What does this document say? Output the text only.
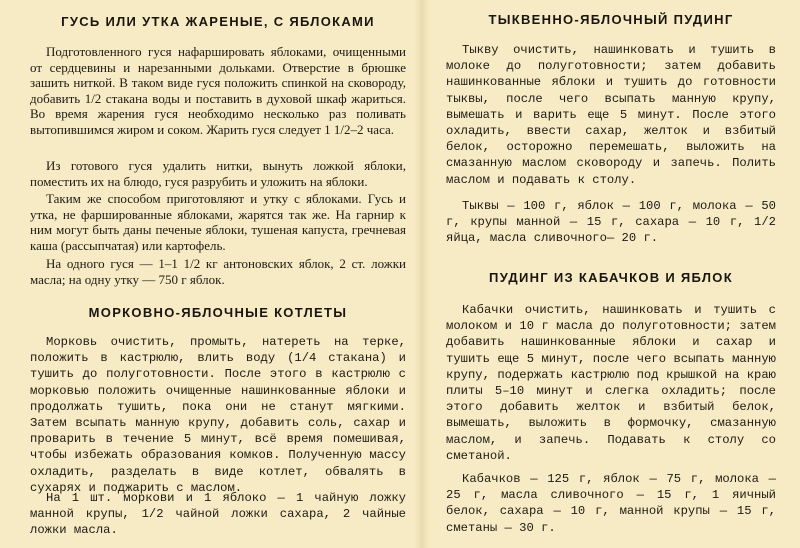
ГУСЬ ИЛИ УТКА ЖАРЕНЫЕ, С ЯБЛОКАМИ

Подготовленного гуся нафаршировать яблоками, очищенными от сердцевины и нарезанными дольками. Отверстие в брюшке зашить ниткой. В таком виде гуся положить спинкой на сковороду, добавить 1/2 стакана воды и поставить в духовой шкаф жариться. Во время жарения гуся необходимо несколько раз поливать вытопившимся жиром и соком. Жарить гуся следует 1 1/2–2 часа.

Из готового гуся удалить нитки, вынуть ложкой яблоки, поместить их на блюдо, гуся разрубить и уложить на яблоки.

Таким же способом приготовляют и утку с яблоками. Гусь и утка, не фаршированные яблоками, жарятся так же. На гарнир к ним могут быть даны печеные яблоки, тушеная капуста, гречневая каша (рассыпчатая) или картофель.

На одного гуся — 1–1 1/2 кг антоновских яблок, 2 ст. ложки масла; на одну утку — 750 г яблок.

МОРКОВНО-ЯБЛОЧНЫЕ КОТЛЕТЫ

Морковь очистить, промыть, натереть на терке, положить в кастрюлю, влить воду (1/4 стакана) и тушить до полуготовности. После этого в кастрюлю с морковью положить очищенные нашинкованные яблоки и продолжать тушить, пока они не станут мягкими. Затем всыпать манную крупу, добавить соль, сахар и проварить в течение 5 минут, всё время помешивая, чтобы избежать образования комков. Полученную массу охладить, разделать в виде котлет, обвалять в сухарях и поджарить с маслом.

На 1 шт. моркови и 1 яблоко — 1 чайную ложку манной крупы, 1/2 чайной ложки сахара, 2 чайные ложки масла.

ТЫКВЕННО-ЯБЛОЧНЫЙ ПУДИНГ

Тыкву очистить, нашинковать и тушить в молоке до полуготовности; затем добавить нашинкованные яблоки и тушить до готовности тыквы, после чего всыпать манную крупу, вымешать и варить еще 5 минут. После этого охладить, ввести сахар, желток и взбитый белок, осторожно перемешать, выложить на смазанную маслом сковороду и запечь. Полить маслом и подавать к столу.

Тыквы — 100 г, яблок — 100 г, молока — 50 г, крупы манной — 15 г, сахара — 10 г, 1/2 яйца, масла сливочного— 20 г.

ПУДИНГ ИЗ КАБАЧКОВ И ЯБЛОК

Кабачки очистить, нашинковать и тушить с молоком и 10 г масла до полуготовности; затем добавить нашинкованные яблоки и сахар и тушить еще 5 минут, после чего всыпать манную крупу, подержать кастрюлю под крышкой на краю плиты 5–10 минут и слегка охладить; после этого добавить желток и взбитый белок, вымешать, выложить в формочку, смазанную маслом, и запечь. Подавать к столу со сметаной.

Кабачков — 125 г, яблок — 75 г, молока — 25 г, масла сливочного — 15 г, 1 яичный белок, сахара — 10 г, манной крупы — 15 г, сметаны — 30 г.
